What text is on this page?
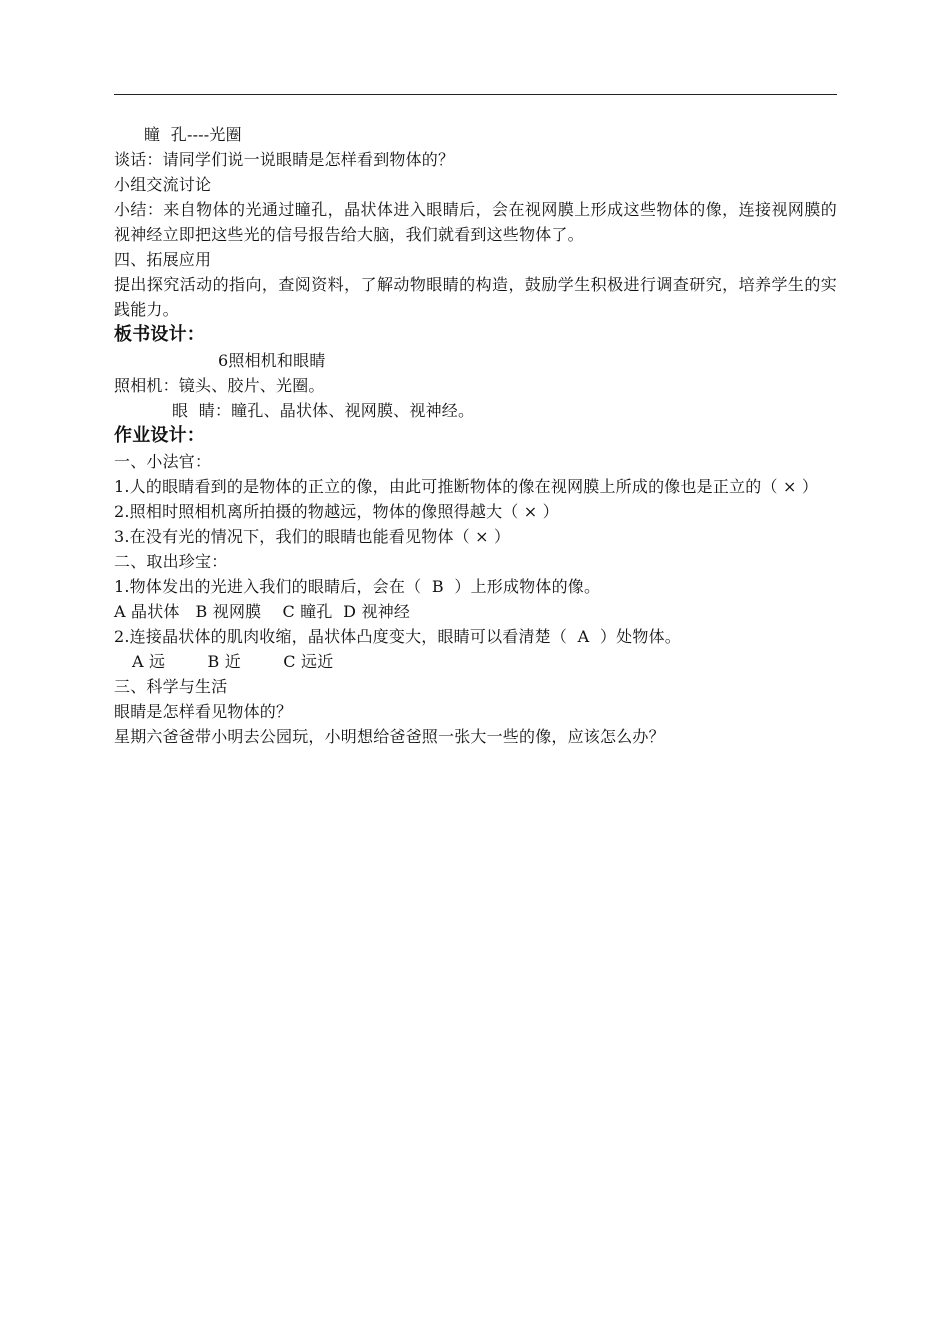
瞳  孔----光圈

谈话：请同学们说一说眼睛是怎样看到物体的？

小组交流讨论

小结：来自物体的光通过瞳孔，晶状体进入眼睛后，会在视网膜上形成这些物体的像，连接视网膜的视神经立即把这些光的信号报告给大脑，我们就看到这些物体了。

四、拓展应用

提出探究活动的指向，查阅资料，了解动物眼睛的构造，鼓励学生积极进行调查研究，培养学生的实践能力。

板书设计：

6照相机和眼睛

照相机：镜头、胶片、光圈。

眼  睛：瞳孔、晶状体、视网膜、视神经。

作业设计：

一、小法官：

1.人的眼睛看到的是物体的正立的像，由此可推断物体的像在视网膜上所成的像也是正立的（ × ）

2.照相时照相机离所拍摄的物越远，物体的像照得越大（ × ）

3.在没有光的情况下，我们的眼睛也能看见物体（ × ）

二、取出珍宝：

1.物体发出的光进入我们的眼睛后，会在（  B  ）上形成物体的像。

A 晶状体   B 视网膜    C 瞳孔  D 视神经

2.连接晶状体的肌肉收缩，晶状体凸度变大，眼睛可以看清楚（  A  ）处物体。

A 远        B 近        C 远近

三、科学与生活

眼睛是怎样看见物体的？

星期六爸爸带小明去公园玩，小明想给爸爸照一张大一些的像，应该怎么办？
